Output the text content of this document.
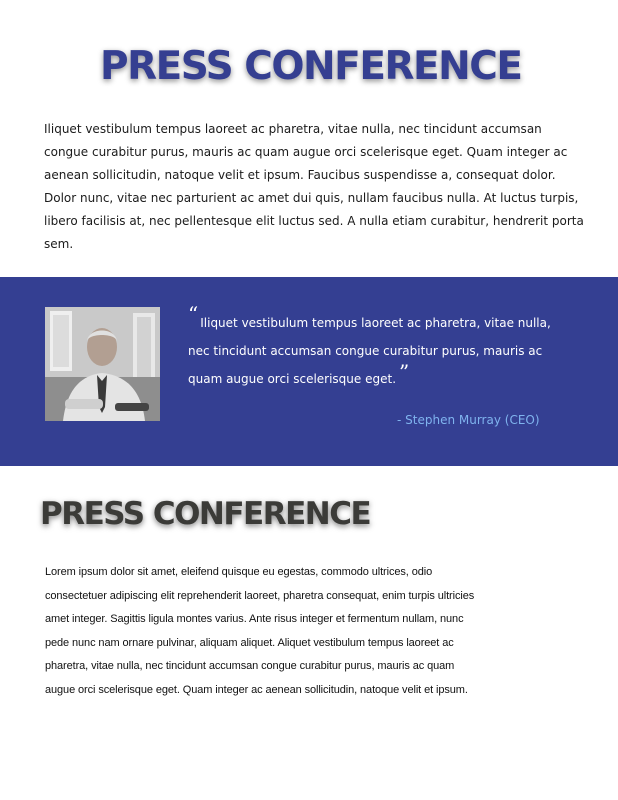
PRESS CONFERENCE

Iliquet vestibulum tempus laoreet ac pharetra, vitae nulla, nec tincidunt accumsan congue curabitur purus, mauris ac quam augue orci scelerisque eget. Quam integer ac aenean sollicitudin, natoque velit et ipsum. Faucibus suspendisse a, consequat dolor. Dolor nunc, vitae nec parturient ac amet dui quis, nullam faucibus nulla. At luctus turpis, libero facilisis at, nec pellentesque elit luctus sed. A nulla etiam curabitur, hendrerit porta sem.

“ Iliquet vestibulum tempus laoreet ac pharetra, vitae nulla, nec tincidunt accumsan congue curabitur purus, mauris ac quam augue orci scelerisque eget. ”

- Stephen Murray (CEO)

PRESS CONFERENCE

Lorem ipsum dolor sit amet, eleifend quisque eu egestas, commodo ultrices, odio consectetuer adipiscing elit reprehenderit laoreet, pharetra consequat, enim turpis ultricies amet integer. Sagittis ligula montes varius. Ante risus integer et fermentum nullam, nunc pede nunc nam ornare pulvinar, aliquam aliquet. Aliquet vestibulum tempus laoreet ac pharetra, vitae nulla, nec tincidunt accumsan congue curabitur purus, mauris ac quam augue orci scelerisque eget. Quam integer ac aenean sollicitudin, natoque velit et ipsum.
